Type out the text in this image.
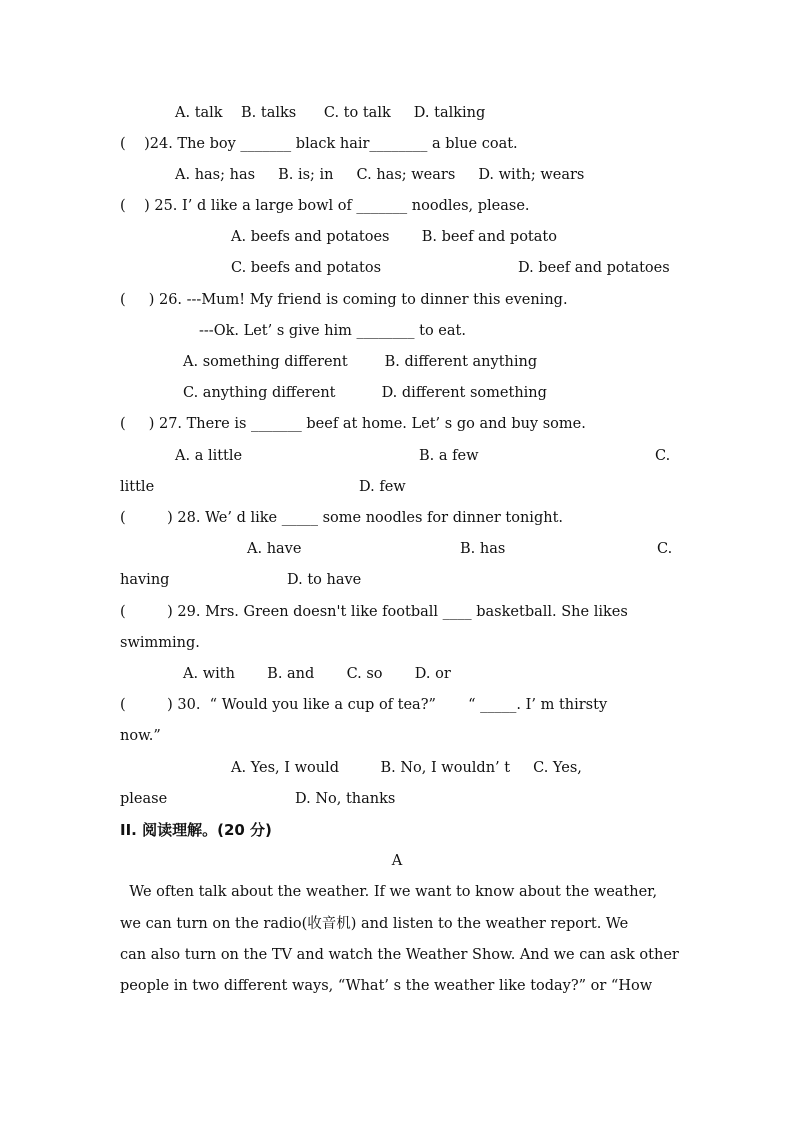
A. talk    B. talks      C. to talk     D. talking
(    )24. The boy _______ black hair________ a blue coat.
A. has; has     B. is; in     C. has; wears     D. with; wears
(    ) 25. I’ d like a large bowl of _______ noodles, please.
A. beefs and potatoes       B. beef and potato
C. beefs and potatos	D. beef and potatoes
(     ) 26. ---Mum! My friend is coming to dinner this evening.
---Ok. Let’ s give him ________ to eat.
A. something different        B. different anything
C. anything different          D. different something
(     ) 27. There is _______ beef at home. Let’ s go and buy some.
A. a little	B. a few	C.
little	D. few
(         ) 28. We’ d like _____ some noodles for dinner tonight.
A. have	B. has	C.
having	D. to have
(         ) 29. Mrs. Green doesn't like football ____ basketball. She likes
swimming.
A. with       B. and       C. so       D. or
(         ) 30.  “ Would you like a cup of tea?”       “ _____. I’ m thirsty
now.”
A. Yes, I would         B. No, I wouldn’ t     C. Yes,
please	D. No, thanks
II. 阅读理解。(20 分)
A
We often talk about the weather. If we want to know about the weather,
we can turn on the radio(收音机) and listen to the weather report. We
can also turn on the TV and watch the Weather Show. And we can ask other
people in two different ways, “What’ s the weather like today?” or “How
